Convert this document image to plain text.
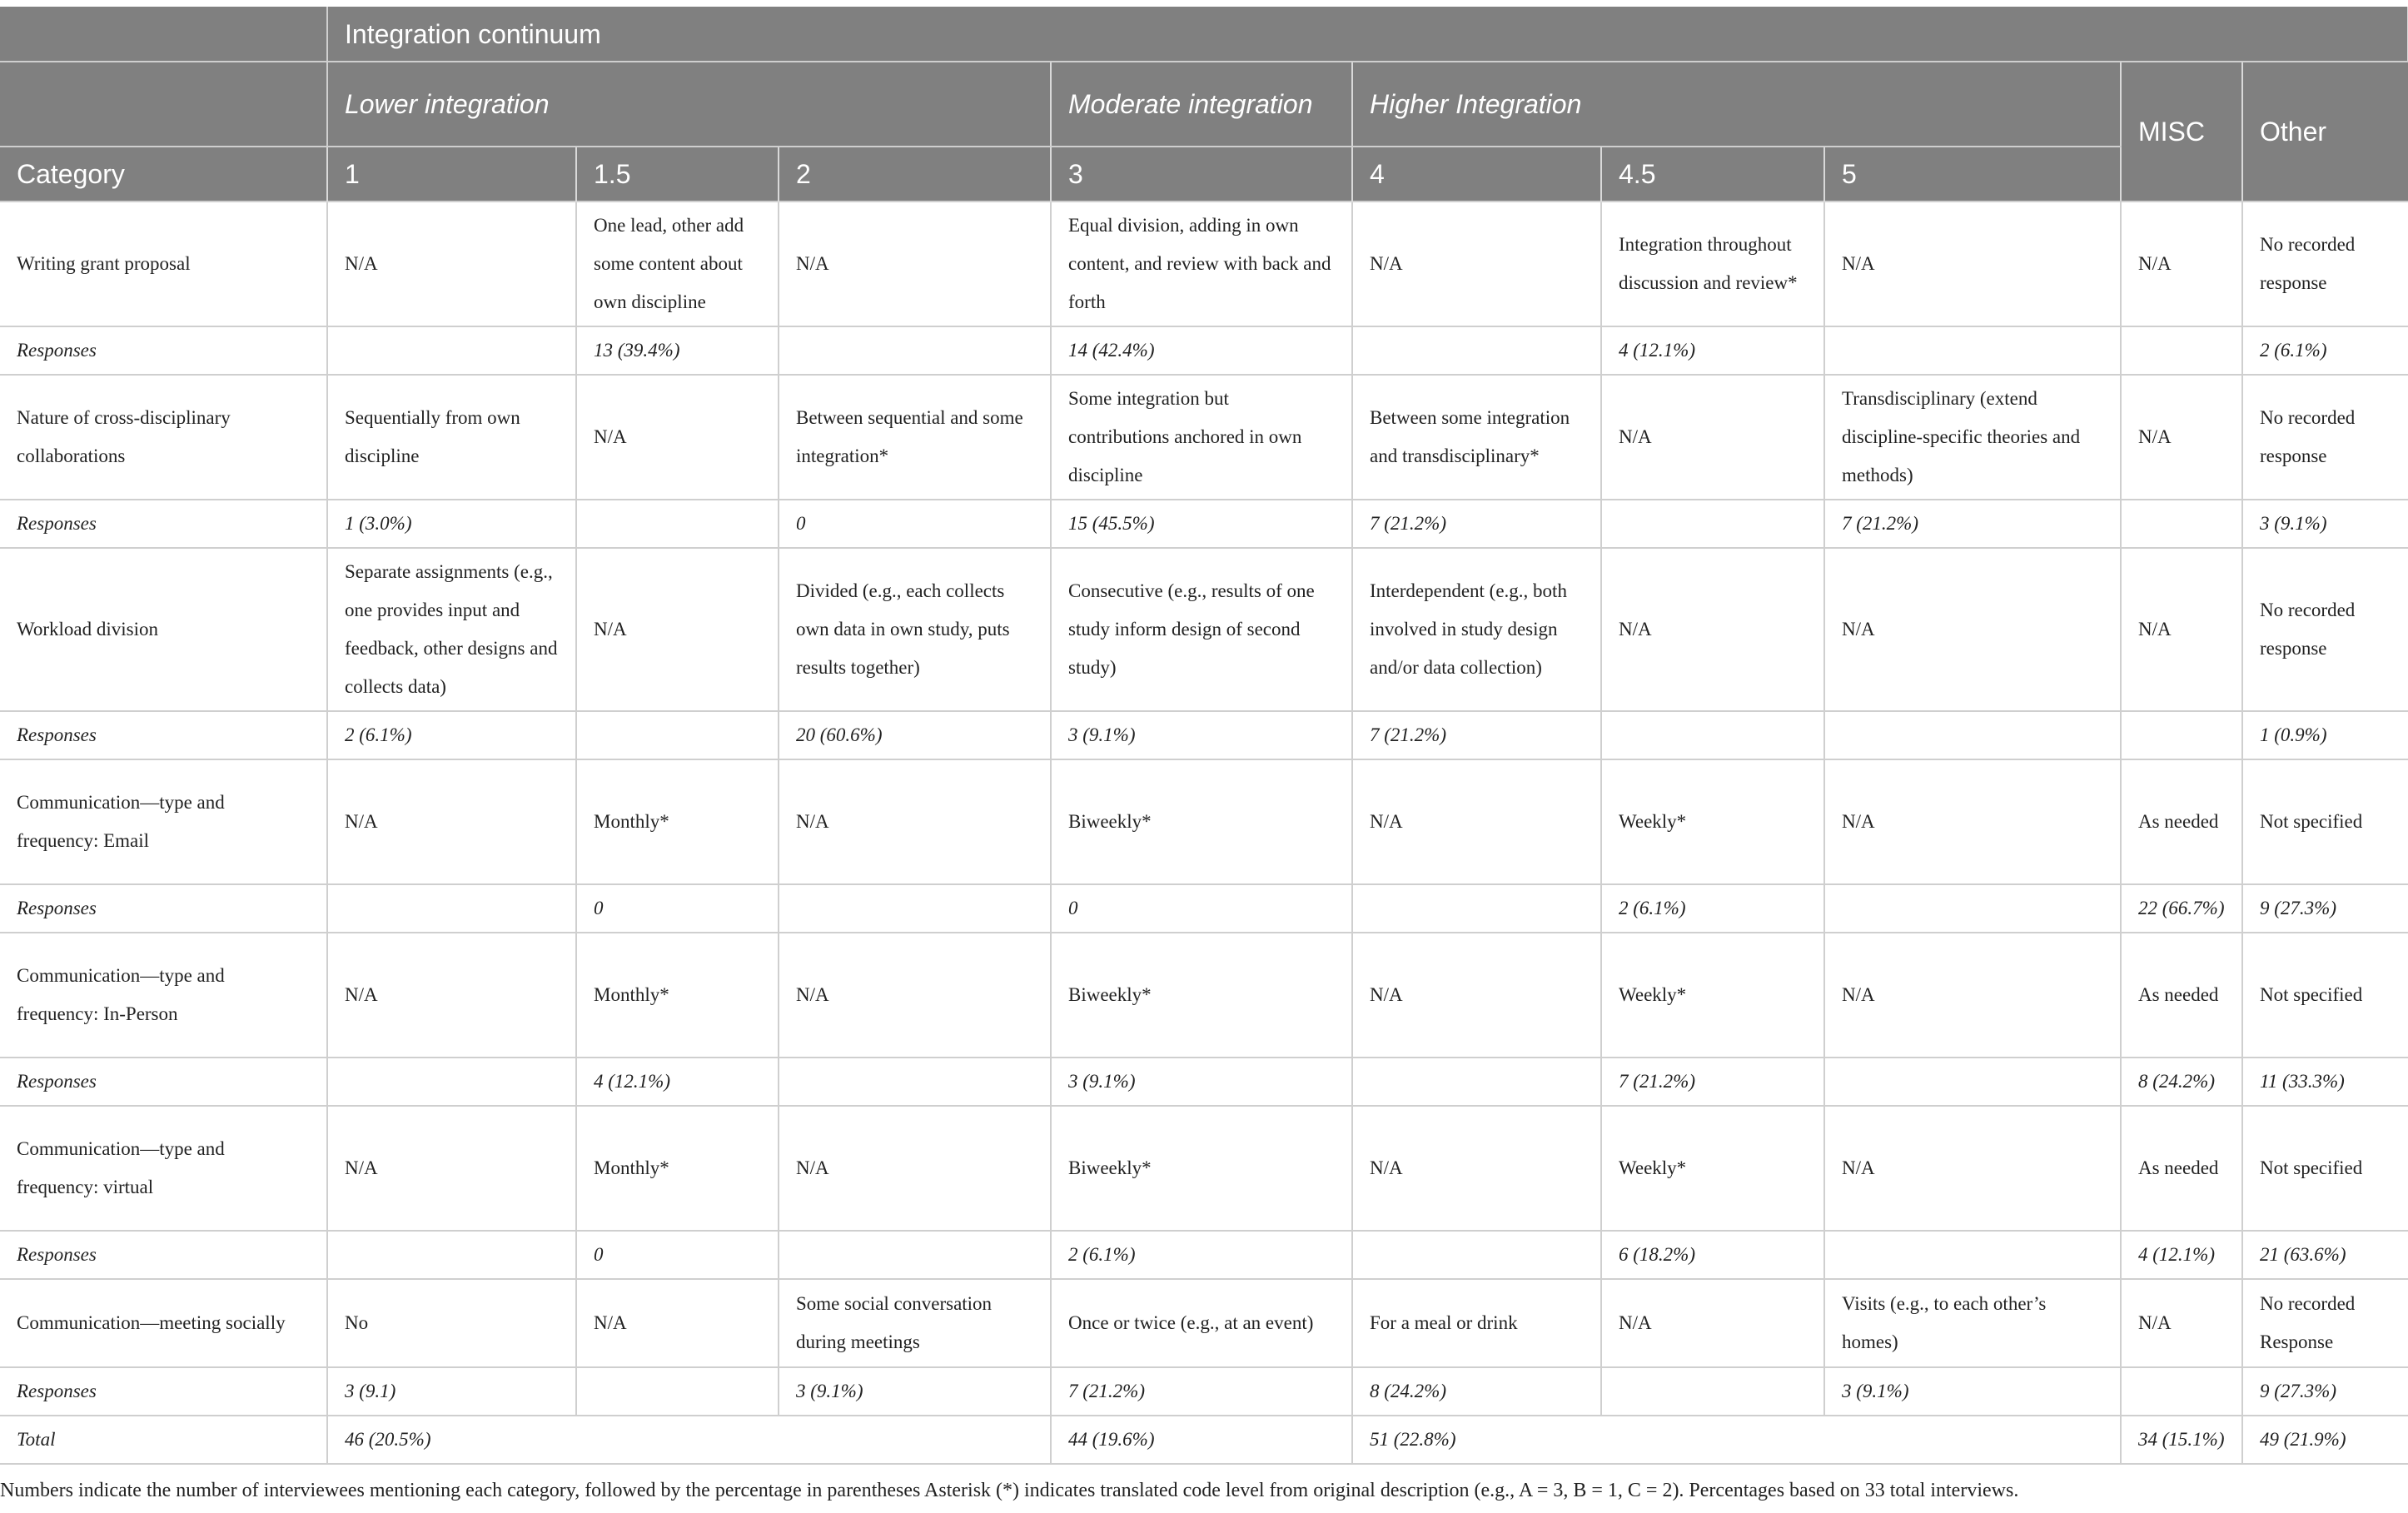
	Integration continuum								
	Lower integration			Moderate integration	Higher Integration			MISC	Other
Category	1	1.5	2	3	4	4.5	5		
Writing grant proposal	N/A	One lead, other add some content about own discipline	N/A	Equal division, adding in own content, and review with back and forth	N/A	Integration throughout discussion and review*	N/A	N/A	No recorded response
Responses		13 (39.4%)		14 (42.4%)		4 (12.1%)			2 (6.1%)
Nature of cross-disciplinary collaborations	Sequentially from own discipline	N/A	Between sequential and some integration*	Some integration but contributions anchored in own discipline	Between some integration and transdisciplinary*	N/A	Transdisciplinary (extend discipline-specific theories and methods)	N/A	No recorded response
Responses	1 (3.0%)		0	15 (45.5%)	7 (21.2%)		7 (21.2%)		3 (9.1%)
Workload division	Separate assignments (e.g., one provides input and feedback, other designs and collects data)	N/A	Divided (e.g., each collects own data in own study, puts results together)	Consecutive (e.g., results of one study inform design of second study)	Interdependent (e.g., both involved in study design and/or data collection)	N/A	N/A	N/A	No recorded response
Responses	2 (6.1%)		20 (60.6%)	3 (9.1%)	7 (21.2%)				1 (0.9%)
Communication—type and frequency: Email	N/A	Monthly*	N/A	Biweekly*	N/A	Weekly*	N/A	As needed	Not specified
Responses		0		0		2 (6.1%)		22 (66.7%)	9 (27.3%)
Communication—type and frequency: In-Person	N/A	Monthly*	N/A	Biweekly*	N/A	Weekly*	N/A	As needed	Not specified
Responses		4 (12.1%)		3 (9.1%)		7 (21.2%)		8 (24.2%)	11 (33.3%)
Communication—type and frequency: virtual	N/A	Monthly*	N/A	Biweekly*	N/A	Weekly*	N/A	As needed	Not specified
Responses		0		2 (6.1%)		6 (18.2%)		4 (12.1%)	21 (63.6%)
Communication—meeting socially	No	N/A	Some social conversation during meetings	Once or twice (e.g., at an event)	For a meal or drink	N/A	Visits (e.g., to each other’s homes)	N/A	No recorded Response
Responses	3 (9.1)		3 (9.1%)	7 (21.2%)	8 (24.2%)		3 (9.1%)		9 (27.3%)
Total	46 (20.5%)			44 (19.6%)	51 (22.8%)			34 (15.1%)	49 (21.9%)
Numbers indicate the number of interviewees mentioning each category, followed by the percentage in parentheses Asterisk (*) indicates translated code level from original description (e.g., A = 3, B = 1, C = 2). Percentages based on 33 total interviews.
